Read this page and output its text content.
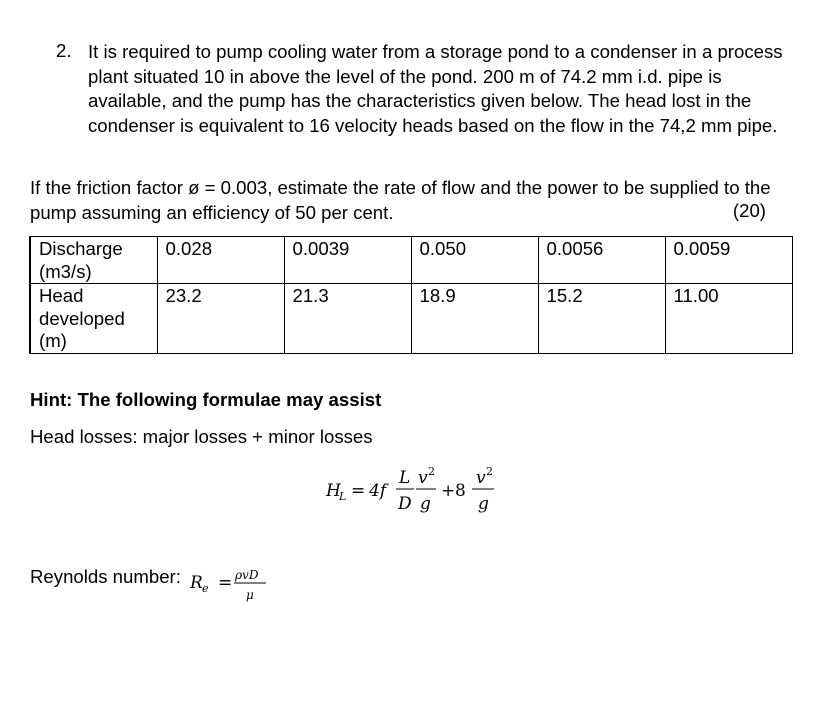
2. It is required to pump cooling water from a storage pond to a condenser in a process plant situated 10 in above the level of the pond. 200 m of 74.2 mm i.d. pipe is available, and the pump has the characteristics given below. The head lost in the condenser is equivalent to 16 velocity heads based on the flow in the 74,2 mm pipe.
If the friction factor ø = 0.003, estimate the rate of flow and the power to be supplied to the pump assuming an efficiency of 50 per cent.	(20)
Discharge (m3/s)	0.028	0.0039	0.050	0.0056	0.0059
Head developed (m)	23.2	21.3	18.9	15.2	11.00
Hint: The following formulae may assist
Head losses: major losses + minor losses
H
L = 4f
L
D
v 2
g
+ 8
v 2
g
Reynolds number: R e = ρvD
μ
